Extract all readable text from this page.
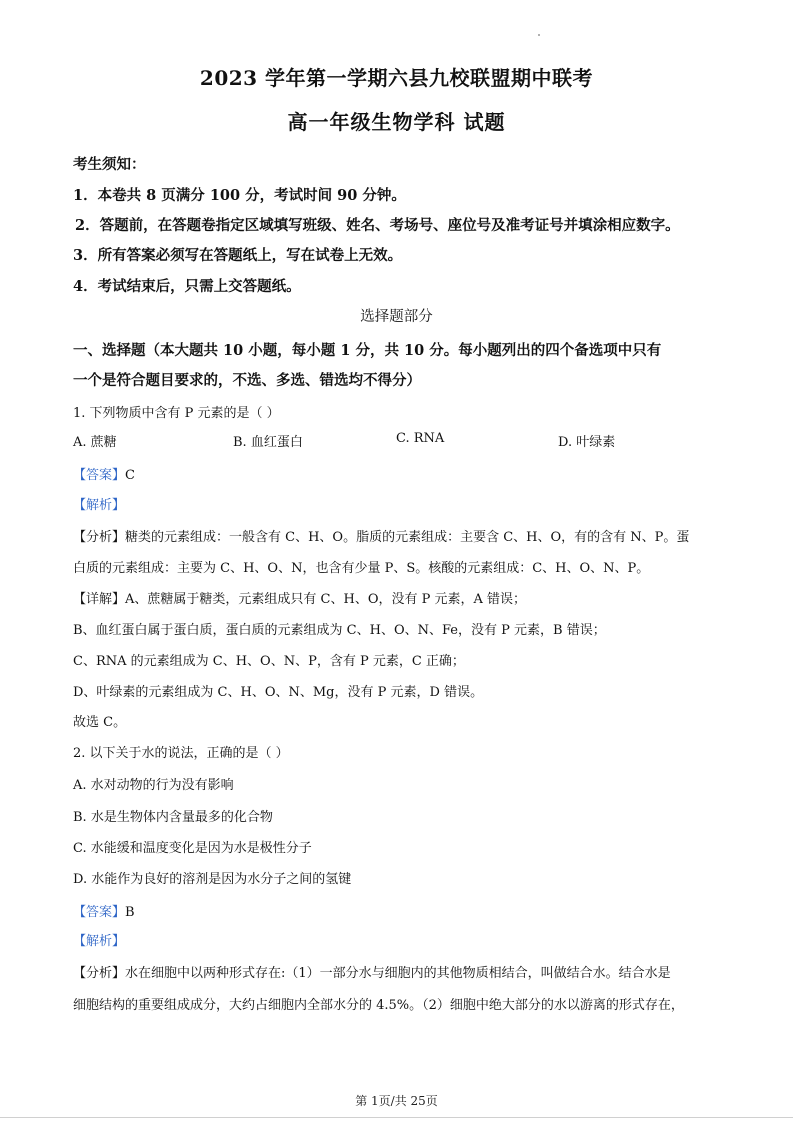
2023 学年第一学期六县九校联盟期中联考
高一年级生物学科 试题
考生须知：
1．本卷共 8 页满分 100 分，考试时间 90 分钟。
2．答题前，在答题卷指定区域填写班级、姓名、考场号、座位号及准考证号并填涂相应数字。
3．所有答案必须写在答题纸上，写在试卷上无效。
4．考试结束后，只需上交答题纸。
选择题部分
一、选择题（本大题共 10 小题，每小题 1 分，共 10 分。每小题列出的四个备选项中只有
一个是符合题目要求的，不选、多选、错选均不得分）
1. 下列物质中含有 P 元素的是（ ）
A. 蔗糖	B. 血红蛋白	C. RNA	D. 叶绿素
【答案】C
【解析】
【分析】糖类的元素组成：一般含有 C、H、O。脂质的元素组成：主要含 C、H、O，有的含有 N、P。蛋
白质的元素组成：主要为 C、H、O、N，也含有少量 P、S。核酸的元素组成：C、H、O、N、P。
【详解】A、蔗糖属于糖类，元素组成只有 C、H、O，没有 P 元素，A 错误；
B、血红蛋白属于蛋白质，蛋白质的元素组成为 C、H、O、N、Fe，没有 P 元素，B 错误；
C、RNA 的元素组成为 C、H、O、N、P，含有 P 元素，C 正确；
D、叶绿素的元素组成为 C、H、O、N、Mg，没有 P 元素，D 错误。
故选 C。
2. 以下关于水的说法，正确的是（ ）
A. 水对动物的行为没有影响
B. 水是生物体内含量最多的化合物
C. 水能缓和温度变化是因为水是极性分子
D. 水能作为良好的溶剂是因为水分子之间的氢键
【答案】B
【解析】
【分析】水在细胞中以两种形式存在:（1）一部分水与细胞内的其他物质相结合，叫做结合水。结合水是
细胞结构的重要组成成分，大约占细胞内全部水分的 4.5%。（2）细胞中绝大部分的水以游离的形式存在，
第 1页/共 25页
